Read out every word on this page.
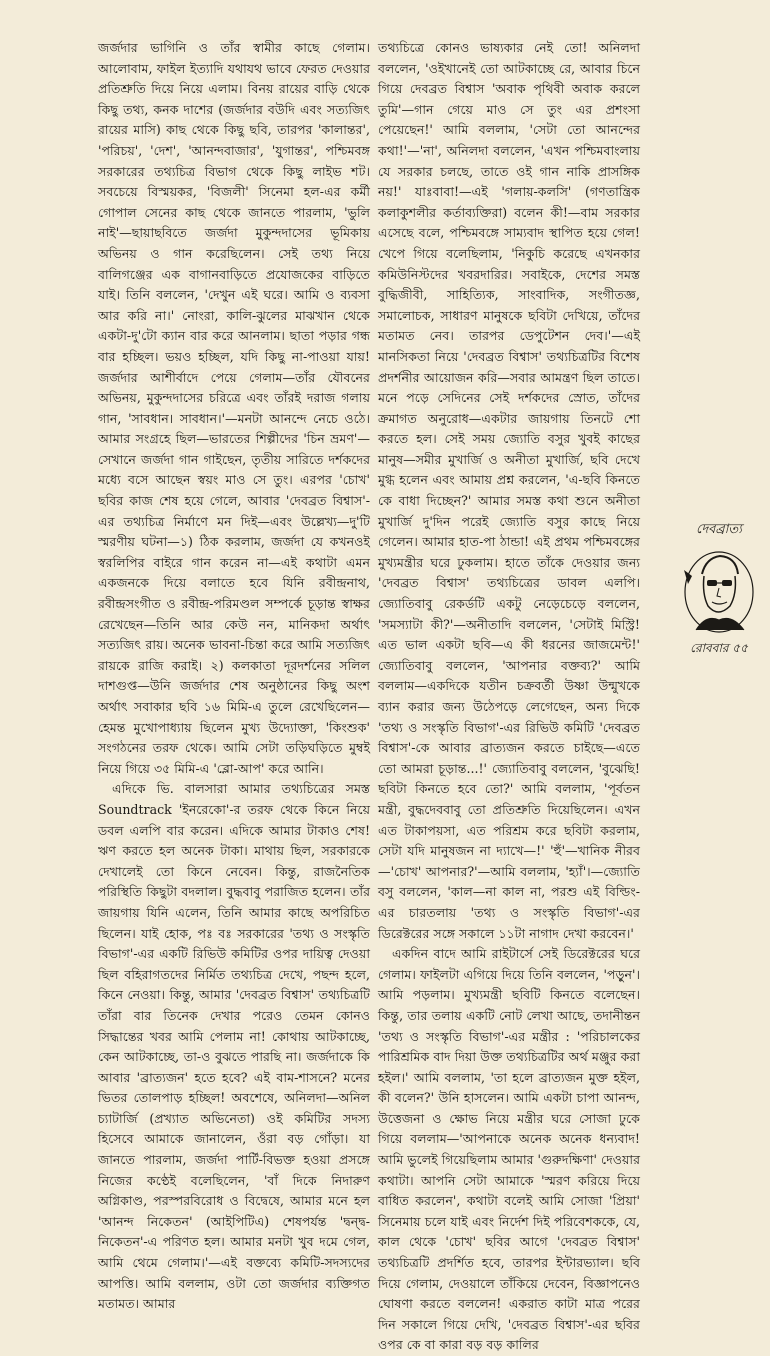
জর্জদার ভাগিনি ও তাঁর স্বামীর কাছে গেলাম। আলোবাম, ফাইল ইত্যাদি যথাযথ ভাবে ফেরত দেওয়ার প্রতিশ্রুতি দিয়ে নিয়ে এলাম। বিনয় রায়ের বাড়ি থেকে কিছু তথ্য, কনক দাশের (জর্জদার বউদি এবং সত্যজিৎ রায়ের মাসি) কাছ থেকে কিছু ছবি, তারপর 'কালান্তর', 'পরিচয়', 'দেশ', 'আনন্দবাজার', 'যুগান্তর', পশ্চিমবঙ্গ সরকারের তথ্যচিত্র বিভাগ থেকে কিছু লাইভ শট। সবচেয়ে বিস্ময়কর, 'বিজলী' সিনেমা হল-এর কর্মী গোপাল সেনের কাছ থেকে জানতে পারলাম, 'ভুলি নাই'—ছায়াছবিতে জর্জদা মুকুন্দদাসের ভূমিকায় অভিনয় ও গান করেছিলেন। সেই তথ্য নিয়ে বালিগঞ্জের এক বাগানবাড়িতে প্রযোজকের বাড়িতে যাই। তিনি বললেন, 'দেখুন এই ঘরে। আমি ও ব্যবসা আর করি না।' নোংরা, কালি-ঝুলের মাঝখান থেকে একটা-দু'টো ক্যান বার করে আনলাম। ছাতা পড়ার গন্ধ বার হচ্ছিল। ভয়ও হচ্ছিল, যদি কিছু না-পাওয়া যায়! জর্জদার আশীর্বাদে পেয়ে গেলাম—তাঁর যৌবনের অভিনয়, মুকুন্দদাসের চরিত্রে এবং তাঁরই দরাজ গলায় গান, 'সাবধান। সাবধান।'—মনটা আনন্দে নেচে ওঠে। আমার সংগ্রহে ছিল—ভারতের শিল্পীদের 'চিন ভ্রমণ'—সেখানে জর্জদা গান গাইছেন, তৃতীয় সারিতে দর্শকদের মধ্যে বসে আছেন স্বয়ং মাও সে তুং। এরপর 'চোখ' ছবির কাজ শেষ হয়ে গেলে, আবার 'দেবব্রত বিশ্বাস'-এর তথ্যচিত্র নির্মাণে মন দিই—এবং উল্লেখ্য—দু'টি স্মরণীয় ঘটনা—১) ঠিক করলাম, জর্জদা যে কখনওই স্বরলিপির বাইরে গান করেন না—এই কথাটা এমন একজনকে দিয়ে বলাতে হবে যিনি রবীন্দ্রনাথ, রবীন্দ্রসংগীত ও রবীন্দ্র-পরিমণ্ডল সম্পর্কে চূড়ান্ত স্বাক্ষর রেখেছেন—তিনি আর কেউ নন, মানিকদা অর্থাৎ সত্যজিৎ রায়। অনেক ভাবনা-চিন্তা করে আমি সত্যজিৎ রায়কে রাজি করাই। ২) কলকাতা দূরদর্শনের সলিল দাশগুপ্ত—উনি জর্জদার শেষ অনুষ্ঠানের কিছু অংশ অর্থাৎ সবাকার ছবি ১৬ মিমি-এ তুলে রেখেছিলেন—হেমন্ত মুখোপাধ্যায় ছিলেন মুখ্য উদ্যোক্তা, 'কিংশুক' সংগঠনের তরফ থেকে। আমি সেটা তড়িঘড়িতে মুম্বই নিয়ে গিয়ে ৩৫ মিমি-এ 'ব্লো-আপ' করে আনি।

এদিকে ভি. বালসারা আমার তথ্যচিত্রের সমস্ত Soundtrack 'ইনরেকো'-র তরফ থেকে কিনে নিয়ে ডবল এলপি বার করেন। এদিকে আমার টাকাও শেষ! ঋণ করতে হল অনেক টাকা। মাথায় ছিল, সরকারকে দেখালেই তো কিনে নেবেন। কিন্তু, রাজনৈতিক পরিস্থিতি কিছুটা বদলাল। বুদ্ধবাবু পরাজিত হলেন। তাঁর জায়গায় যিনি এলেন, তিনি আমার কাছে অপরিচিত ছিলেন। যাই হোক, পঃ বঃ সরকারের 'তথ্য ও সংস্কৃতি বিভাগ'-এর একটি রিভিউ কমিটির ওপর দায়িত্ব দেওয়া ছিল বহিরাগতদের নির্মিত তথ্যচিত্র দেখে, পছন্দ হলে, কিনে নেওয়া। কিন্তু, আমার 'দেবব্রত বিশ্বাস' তথ্যচিত্রটি তাঁরা বার তিনেক দেখার পরেও তেমন কোনও সিদ্ধান্তের খবর আমি পেলাম না! কোথায় আটকাচ্ছে, কেন আটকাচ্ছে, তা-ও বুঝতে পারছি না। জর্জদাকে কি আবার 'ব্রাত্যজন' হতে হবে? এই বাম-শাসনে? মনের ভিতর তোলপাড় হচ্ছিল! অবশেষে, অনিলদা—অনিল চ্যাটার্জি (প্রখ্যাত অভিনেতা) ওই কমিটির সদস্য হিসেবে আমাকে জানালেন, ওঁরা বড় গোঁড়া। যা জানতে পারলাম, জর্জদা পার্টি-বিভক্ত হওয়া প্রসঙ্গে নিজের কণ্ঠেই বলেছিলেন, 'বাঁ দিকে নিদারুণ অগ্নিকাণ্ড, পরস্পরবিরোধ ও বিদ্বেষে, আমার মনে হল 'আনন্দ নিকেতন' (আইপিটিএ) শেষপর্যন্ত 'দ্বন্দ্ব-নিকেতন'-এ পরিণত হল। আমার মনটা খুব দমে গেল, আমি থেমে গেলাম।'—এই বক্তব্যে কমিটি-সদস্যদের আপত্তি। আমি বললাম, ওটা তো জর্জদার ব্যক্তিগত মতামত। আমার

তথ্যচিত্রে কোনও ভাষ্যকার নেই তো! অনিলদা বললেন, 'ওইখানেই তো আটকাচ্ছে রে, আবার চিনে গিয়ে দেবব্রত বিশ্বাস 'অবাক পৃথিবী অবাক করলে তুমি'—গান গেয়ে মাও সে তুং এর প্রশংসা পেয়েছেন!' আমি বললাম, 'সেটা তো আনন্দের কথা!'—'না', অনিলদা বললেন, 'এখন পশ্চিমবাংলায় যে সরকার চলছে, তাতে ওই গান নাকি প্রাসঙ্গিক নয়!' যাঃবাবা!—এই 'গলায়-কলসি' (গণতান্ত্রিক কলাকুশলীর কর্তাব্যক্তিরা) বলেন কী!—বাম সরকার এসেছে বলে, পশ্চিমবঙ্গে সাম্যবাদ স্থাপিত হয়ে গেল! খেপে গিয়ে বলেছিলাম, 'নিকুচি করেছে এখনকার কমিউনিস্টদের খবরদারির। সবাইকে, দেশের সমস্ত বুদ্ধিজীবী, সাহিত্যিক, সাংবাদিক, সংগীতজ্ঞ, সমালোচক, সাধারণ মানুষকে ছবিটা দেখিয়ে, তাঁদের মতামত নেব। তারপর ডেপুটেশন দেব।'—এই মানসিকতা নিয়ে 'দেবব্রত বিশ্বাস' তথ্যচিত্রটির বিশেষ প্রদর্শনীর আয়োজন করি—সবার আমন্ত্রণ ছিল তাতে। মনে পড়ে সেদিনের সেই দর্শকদের স্রোত, তাঁদের ক্রমাগত অনুরোধ—একটার জায়গায় তিনটে শো করতে হল। সেই সময় জ্যোতি বসুর খুবই কাছের মানুষ—সমীর মুখার্জি ও অনীতা মুখার্জি, ছবি দেখে মুগ্ধ হলেন এবং আমায় প্রশ্ন করলেন, 'এ-ছবি কিনতে কে বাধা দিচ্ছেন?' আমার সমস্ত কথা শুনে অনীতা মুখার্জি দু'দিন পরেই জ্যোতি বসুর কাছে নিয়ে গেলেন। আমার হাত-পা ঠান্ডা! এই প্রথম পশ্চিমবঙ্গের মুখ্যমন্ত্রীর ঘরে ঢুকলাম। হাতে তাঁকে দেওয়ার জন্য 'দেবব্রত বিশ্বাস' তথ্যচিত্রের ডাবল এলপি। জ্যোতিবাবু রেকর্ডটি একটু নেড়েচেড়ে বললেন, 'সমস্যাটা কী?'—অনীতাদি বললেন, 'সেটাই মিস্ট্রি! এত ভাল একটা ছবি—এ কী ধরনের জাজমেন্ট!' জ্যোতিবাবু বললেন, 'আপনার বক্তব্য?' আমি বললাম—একদিকে যতীন চক্রবর্তী উষ্ণা উন্মুখকে ব্যান করার জন্য উঠেপড়ে লেগেছেন, অন্য দিকে 'তথ্য ও সংস্কৃতি বিভাগ'-এর রিভিউ কমিটি 'দেবব্রত বিশ্বাস'-কে আবার ব্রাত্যজন করতে চাইছে—এতে তো আমরা চূড়ান্ত...!' জ্যোতিবাবু বললেন, 'বুঝেছি! ছবিটা কিনতে হবে তো?' আমি বললাম, 'পূর্বতন মন্ত্রী, বুদ্ধদেববাবু তো প্রতিশ্রুতি দিয়েছিলেন। এখন এত টাকাপয়সা, এত পরিশ্রম করে ছবিটা করলাম, সেটা যদি মানুষজন না দ্যাখে—!' 'হুঁ'—খানিক নীরব—'চোখ' আপনার?'—আমি বললাম, 'হ্যাঁ'।—জ্যোতি বসু বললেন, 'কাল—না কাল না, পরশু এই বিল্ডিং-এর চারতলায় 'তথ্য ও সংস্কৃতি বিভাগ'-এর ডিরেক্টরের সঙ্গে সকালে ১১টা নাগাদ দেখা করবেন।'

একদিন বাদে আমি রাইটার্সে সেই ডিরেক্টরের ঘরে গেলাম। ফাইলটা এগিয়ে দিয়ে তিনি বললেন, 'পড়ুন'। আমি পড়লাম। মুখ্যমন্ত্রী ছবিটি কিনতে বলেছেন। কিন্তু, তার তলায় একটি নোট লেখা আছে, তদানীন্তন 'তথ্য ও সংস্কৃতি বিভাগ'-এর মন্ত্রীর : 'পরিচালকের পারিশ্রমিক বাদ দিয়া উক্ত তথ্যচিত্রটির অর্থ মঞ্জুর করা হইল।' আমি বললাম, 'তা হলে ব্রাত্যজন মুক্ত হইল, কী বলেন?' উনি হাসলেন। আমি একটা চাপা আনন্দ, উত্তেজনা ও ক্ষোভ নিয়ে মন্ত্রীর ঘরে সোজা ঢুকে গিয়ে বললাম—'আপনাকে অনেক অনেক ধন্যবাদ! আমি ভুলেই গিয়েছিলাম আমার 'গুরুদক্ষিণা' দেওয়ার কথাটা। আপনি সেটা আমাকে 'স্মরণ করিয়ে দিয়ে বাধিত করলেন', কথাটা বলেই আমি সোজা 'প্রিয়া' সিনেমায় চলে যাই এবং নির্দেশ দিই পরিবেশককে, যে, কাল থেকে 'চোখ' ছবির আগে 'দেবব্রত বিশ্বাস' তথ্যচিত্রটি প্রদর্শিত হবে, তারপর ইন্টারভ্যাল। ছবি দিয়ে গেলাম, দেওয়ালে তাঁকিয়ে দেবেন, বিজ্ঞাপনেও ঘোষণা করতে বললেন! একরাত কাটা মাত্র পরের দিন সকালে গিয়ে দেখি, 'দেবব্রত বিশ্বাস'-এর ছবির ওপর কে বা কারা বড় বড় কালির

দেবব্রাত্য
রোববার ৫৫
